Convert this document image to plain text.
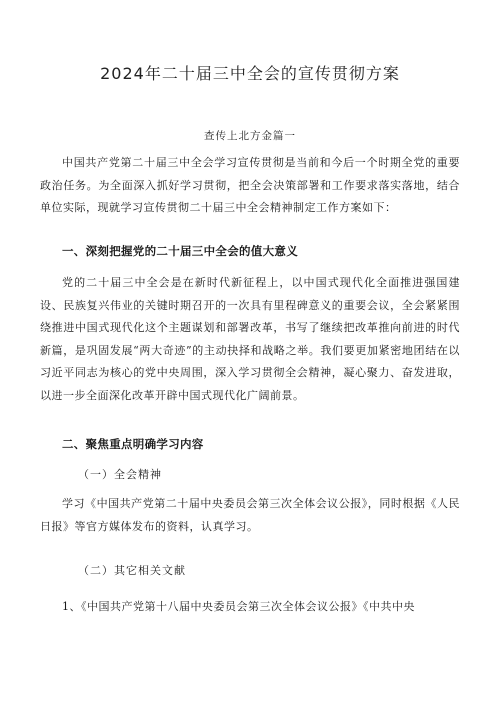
2024年二十届三中全会的宣传贯彻方案
查传上北方金篇一
中国共产党第二十届三中全会学习宣传贯彻是当前和今后一个时期全党的重要政治任务。为全面深入抓好学习贯彻，把全会决策部署和工作要求落实落地，结合单位实际，现就学习宣传贯彻二十届三中全会精神制定工作方案如下：
一、深刻把握党的二十届三中全会的值大意义
党的二十届三中全会是在新时代新征程上，以中国式现代化全面推进强国建设、民族复兴伟业的关键时期召开的一次具有里程碑意义的重要会议，全会紧紧围绕推进中国式现代化这个主题谋划和部署改革，书写了继续把改革推向前进的时代新篇，是巩固发展“两大奇迹”的主动抉择和战略之举。我们要更加紧密地团结在以习近平同志为核心的党中央周围，深入学习贯彻全会精神，凝心聚力、奋发进取，以进一步全面深化改革开辟中国式现代化广阔前景。
二、聚焦重点明确学习内容
（一）全会精神
学习《中国共产党第二十届中央委员会第三次全体会议公报》，同时根据《人民日报》等官方媒体发布的资料，认真学习。
（二）其它相关文献
1、《中国共产党第十八届中央委员会第三次全体会议公报》《中共中央
